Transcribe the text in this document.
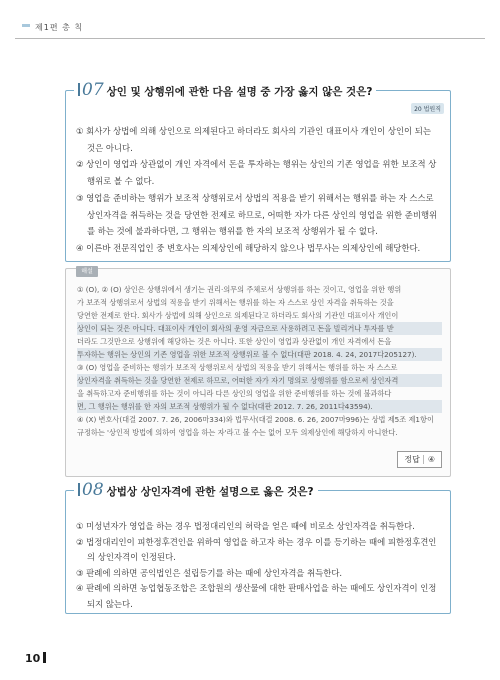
제1편 총 칙
07 상인 및 상행위에 관한 다음 설명 중 가장 옳지 않은 것은?
20 법원직
① 회사가 상법에 의해 상인으로 의제된다고 하더라도 회사의 기관인 대표이사 개인이 상인이 되는 것은 아니다.
② 상인이 영업과 상관없이 개인 자격에서 돈을 투자하는 행위는 상인의 기존 영업을 위한 보조적 상행위로 볼 수 없다.
③ 영업을 준비하는 행위가 보조적 상행위로서 상법의 적용을 받기 위해서는 행위를 하는 자 스스로 상인자격을 취득하는 것을 당연한 전제로 하므로, 어떠한 자가 다른 상인의 영업을 위한 준비행위를 하는 것에 불과하다면, 그 행위는 행위를 한 자의 보조적 상행위가 될 수 없다.
④ 이른바 전문직업인 중 변호사는 의제상인에 해당하지 않으나 법무사는 의제상인에 해당한다.
해설
① (O), ② (O) 상인은 상행위에서 생기는 권리·의무의 주체로서 상행위를 하는 것이고, 영업을 위한 행위
가 보조적 상행위로서 상법의 적용을 받기 위해서는 행위를 하는 자 스스로 상인 자격을 취득하는 것을
당연한 전제로 한다. 회사가 상법에 의해 상인으로 의제된다고 하더라도 회사의 기관인 대표이사 개인이
상인이 되는 것은 아니다. 대표이사 개인이 회사의 운영 자금으로 사용하려고 돈을 빌리거나 투자를 받
더라도 그것만으로 상행위에 해당하는 것은 아니다. 또한 상인이 영업과 상관없이 개인 자격에서 돈을
투자하는 행위는 상인의 기존 영업을 위한 보조적 상행위로 볼 수 없다(대판 2018. 4. 24, 2017다205127).
③ (O) 영업을 준비하는 행위가 보조적 상행위로서 상법의 적용을 받기 위해서는 행위를 하는 자 스스로
상인자격을 취득하는 것을 당연한 전제로 하므로, 어떠한 자가 자기 명의로 상행위를 함으로써 상인자격
을 취득하고자 준비행위를 하는 것이 아니라 다른 상인의 영업을 위한 준비행위를 하는 것에 불과하다
면, 그 행위는 행위를 한 자의 보조적 상행위가 될 수 없다(대판 2012. 7. 26, 2011다43594).
④ (X) 변호사(대결 2007. 7. 26, 2006마334)와 법무사(대결 2008. 6. 26, 2007마996)는 상법 제5조 제1항이
규정하는 '상인적 방법에 의하여 영업을 하는 자'라고 볼 수는 없어 모두 의제상인에 해당하지 아니한다.
정답 ④
08 상법상 상인자격에 관한 설명으로 옳은 것은?
① 미성년자가 영업을 하는 경우 법정대리인의 허락을 얻은 때에 비로소 상인자격을 취득한다.
② 법정대리인이 피한정후견인을 위하여 영업을 하고자 하는 경우 이를 등기하는 때에 피한정후견인의 상인자격이 인정된다.
③ 판례에 의하면 공익법인은 설립등기를 하는 때에 상인자격을 취득한다.
④ 판례에 의하면 농업협동조합은 조합원의 생산물에 대한 판매사업을 하는 때에도 상인자격이 인정되지 않는다.
10
